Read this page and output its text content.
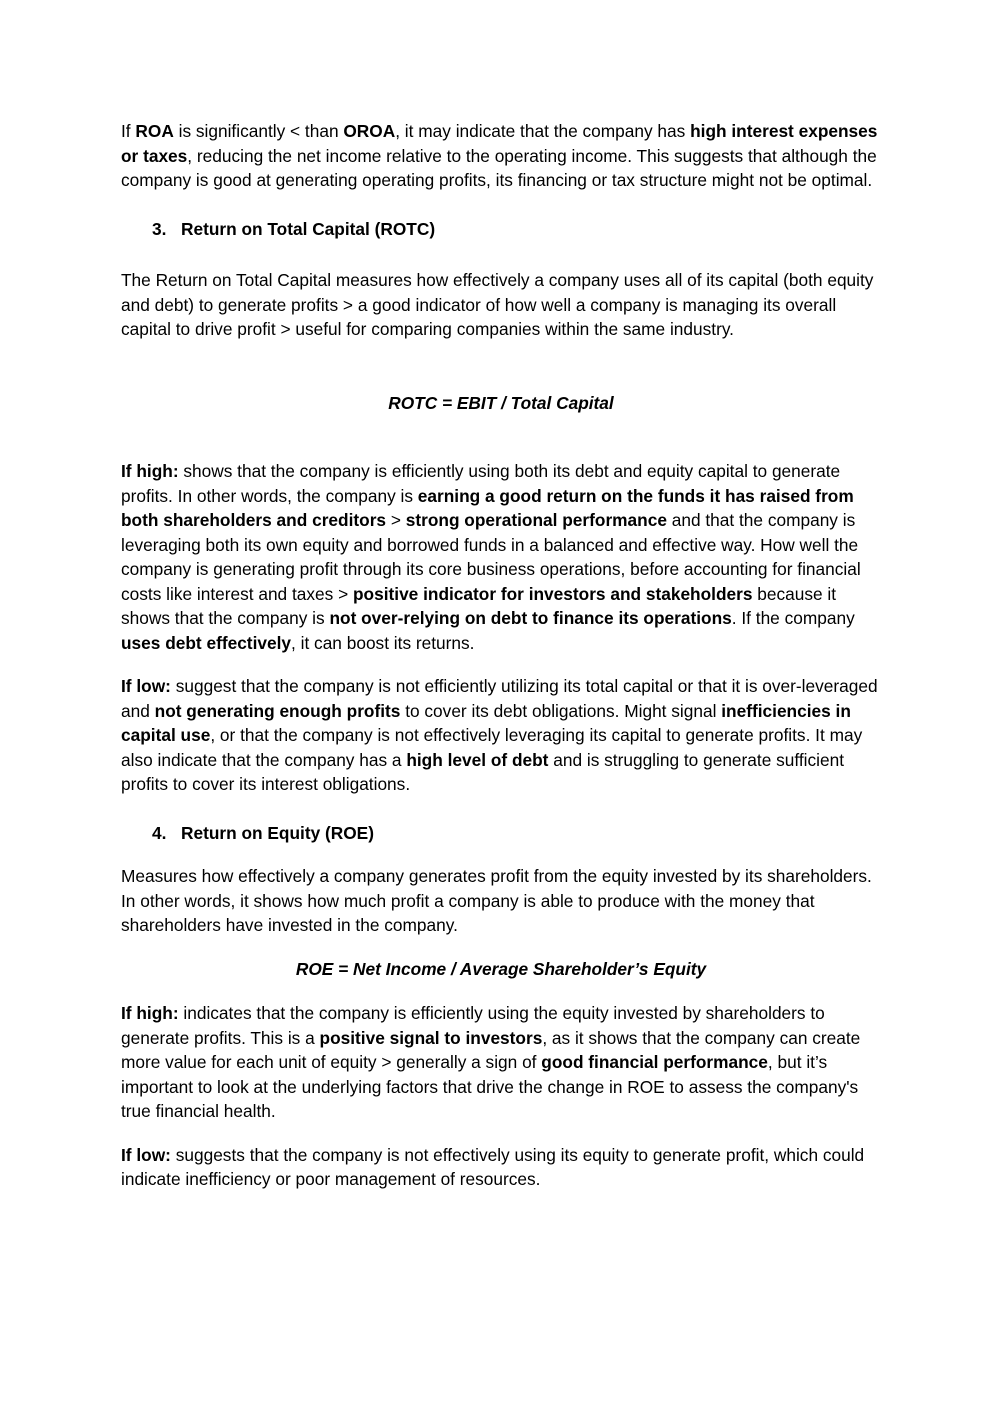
If ROA is significantly < than OROA, it may indicate that the company has high interest expenses or taxes, reducing the net income relative to the operating income. This suggests that although the company is good at generating operating profits, its financing or tax structure might not be optimal.

3. Return on Total Capital (ROTC)

The Return on Total Capital measures how effectively a company uses all of its capital (both equity and debt) to generate profits > a good indicator of how well a company is managing its overall capital to drive profit > useful for comparing companies within the same industry.

ROTC = EBIT / Total Capital

If high: shows that the company is efficiently using both its debt and equity capital to generate profits. In other words, the company is earning a good return on the funds it has raised from both shareholders and creditors > strong operational performance and that the company is leveraging both its own equity and borrowed funds in a balanced and effective way. How well the company is generating profit through its core business operations, before accounting for financial costs like interest and taxes > positive indicator for investors and stakeholders because it shows that the company is not over-relying on debt to finance its operations. If the company uses debt effectively, it can boost its returns.

If low: suggest that the company is not efficiently utilizing its total capital or that it is over-leveraged and not generating enough profits to cover its debt obligations. Might signal inefficiencies in capital use, or that the company is not effectively leveraging its capital to generate profits. It may also indicate that the company has a high level of debt and is struggling to generate sufficient profits to cover its interest obligations.

4. Return on Equity (ROE)

Measures how effectively a company generates profit from the equity invested by its shareholders. In other words, it shows how much profit a company is able to produce with the money that shareholders have invested in the company.

ROE = Net Income / Average Shareholder’s Equity

If high: indicates that the company is efficiently using the equity invested by shareholders to generate profits. This is a positive signal to investors, as it shows that the company can create more value for each unit of equity > generally a sign of good financial performance, but it’s important to look at the underlying factors that drive the change in ROE to assess the company's true financial health.

If low: suggests that the company is not effectively using its equity to generate profit, which could indicate inefficiency or poor management of resources.
